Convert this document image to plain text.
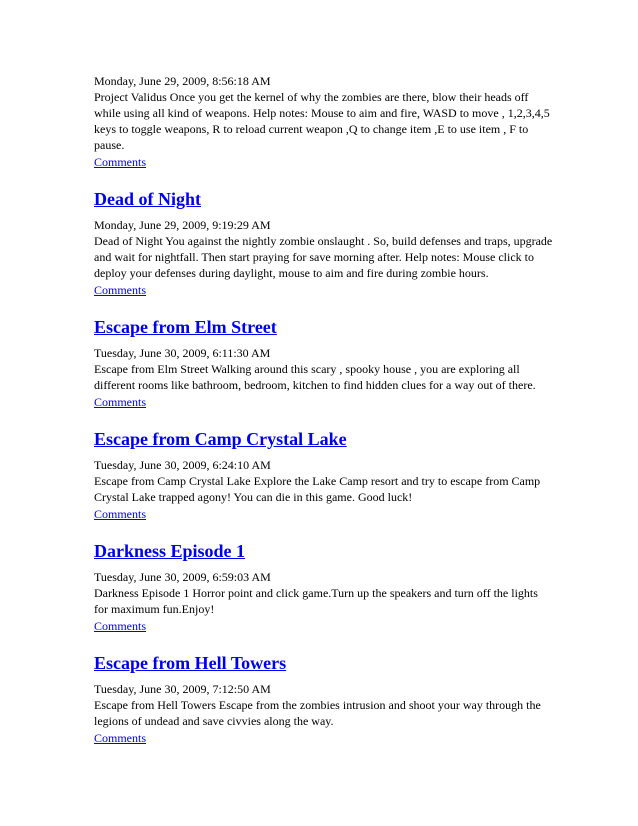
Monday, June 29, 2009, 8:56:18 AM

Project Validus Once you get the kernel of why the zombies are there, blow their heads off while using all kind of weapons. Help notes: Mouse to aim and fire, WASD to move , 1,2,3,4,5 keys to toggle weapons, R to reload current weapon ,Q to change item ,E to use item , F to pause.

Comments
Dead of Night

Monday, June 29, 2009, 9:19:29 AM

Dead of Night You against the nightly zombie onslaught . So, build defenses and traps, upgrade and wait for nightfall. Then start praying for save morning after. Help notes: Mouse click to deploy your defenses during daylight, mouse to aim and fire during zombie hours.

Comments
Escape from Elm Street

Tuesday, June 30, 2009, 6:11:30 AM

Escape from Elm Street Walking around this scary , spooky house , you are exploring all different rooms like bathroom, bedroom, kitchen to find hidden clues for a way out of there.

Comments
Escape from Camp Crystal Lake

Tuesday, June 30, 2009, 6:24:10 AM

Escape from Camp Crystal Lake Explore the Lake Camp resort and try to escape from Camp Crystal Lake trapped agony! You can die in this game. Good luck!

Comments
Darkness Episode 1

Tuesday, June 30, 2009, 6:59:03 AM

Darkness Episode 1 Horror point and click game.Turn up the speakers and turn off the lights for maximum fun.Enjoy!

Comments
Escape from Hell Towers

Tuesday, June 30, 2009, 7:12:50 AM

Escape from Hell Towers Escape from the zombies intrusion and shoot your way through the legions of undead and save civvies along the way.

Comments
